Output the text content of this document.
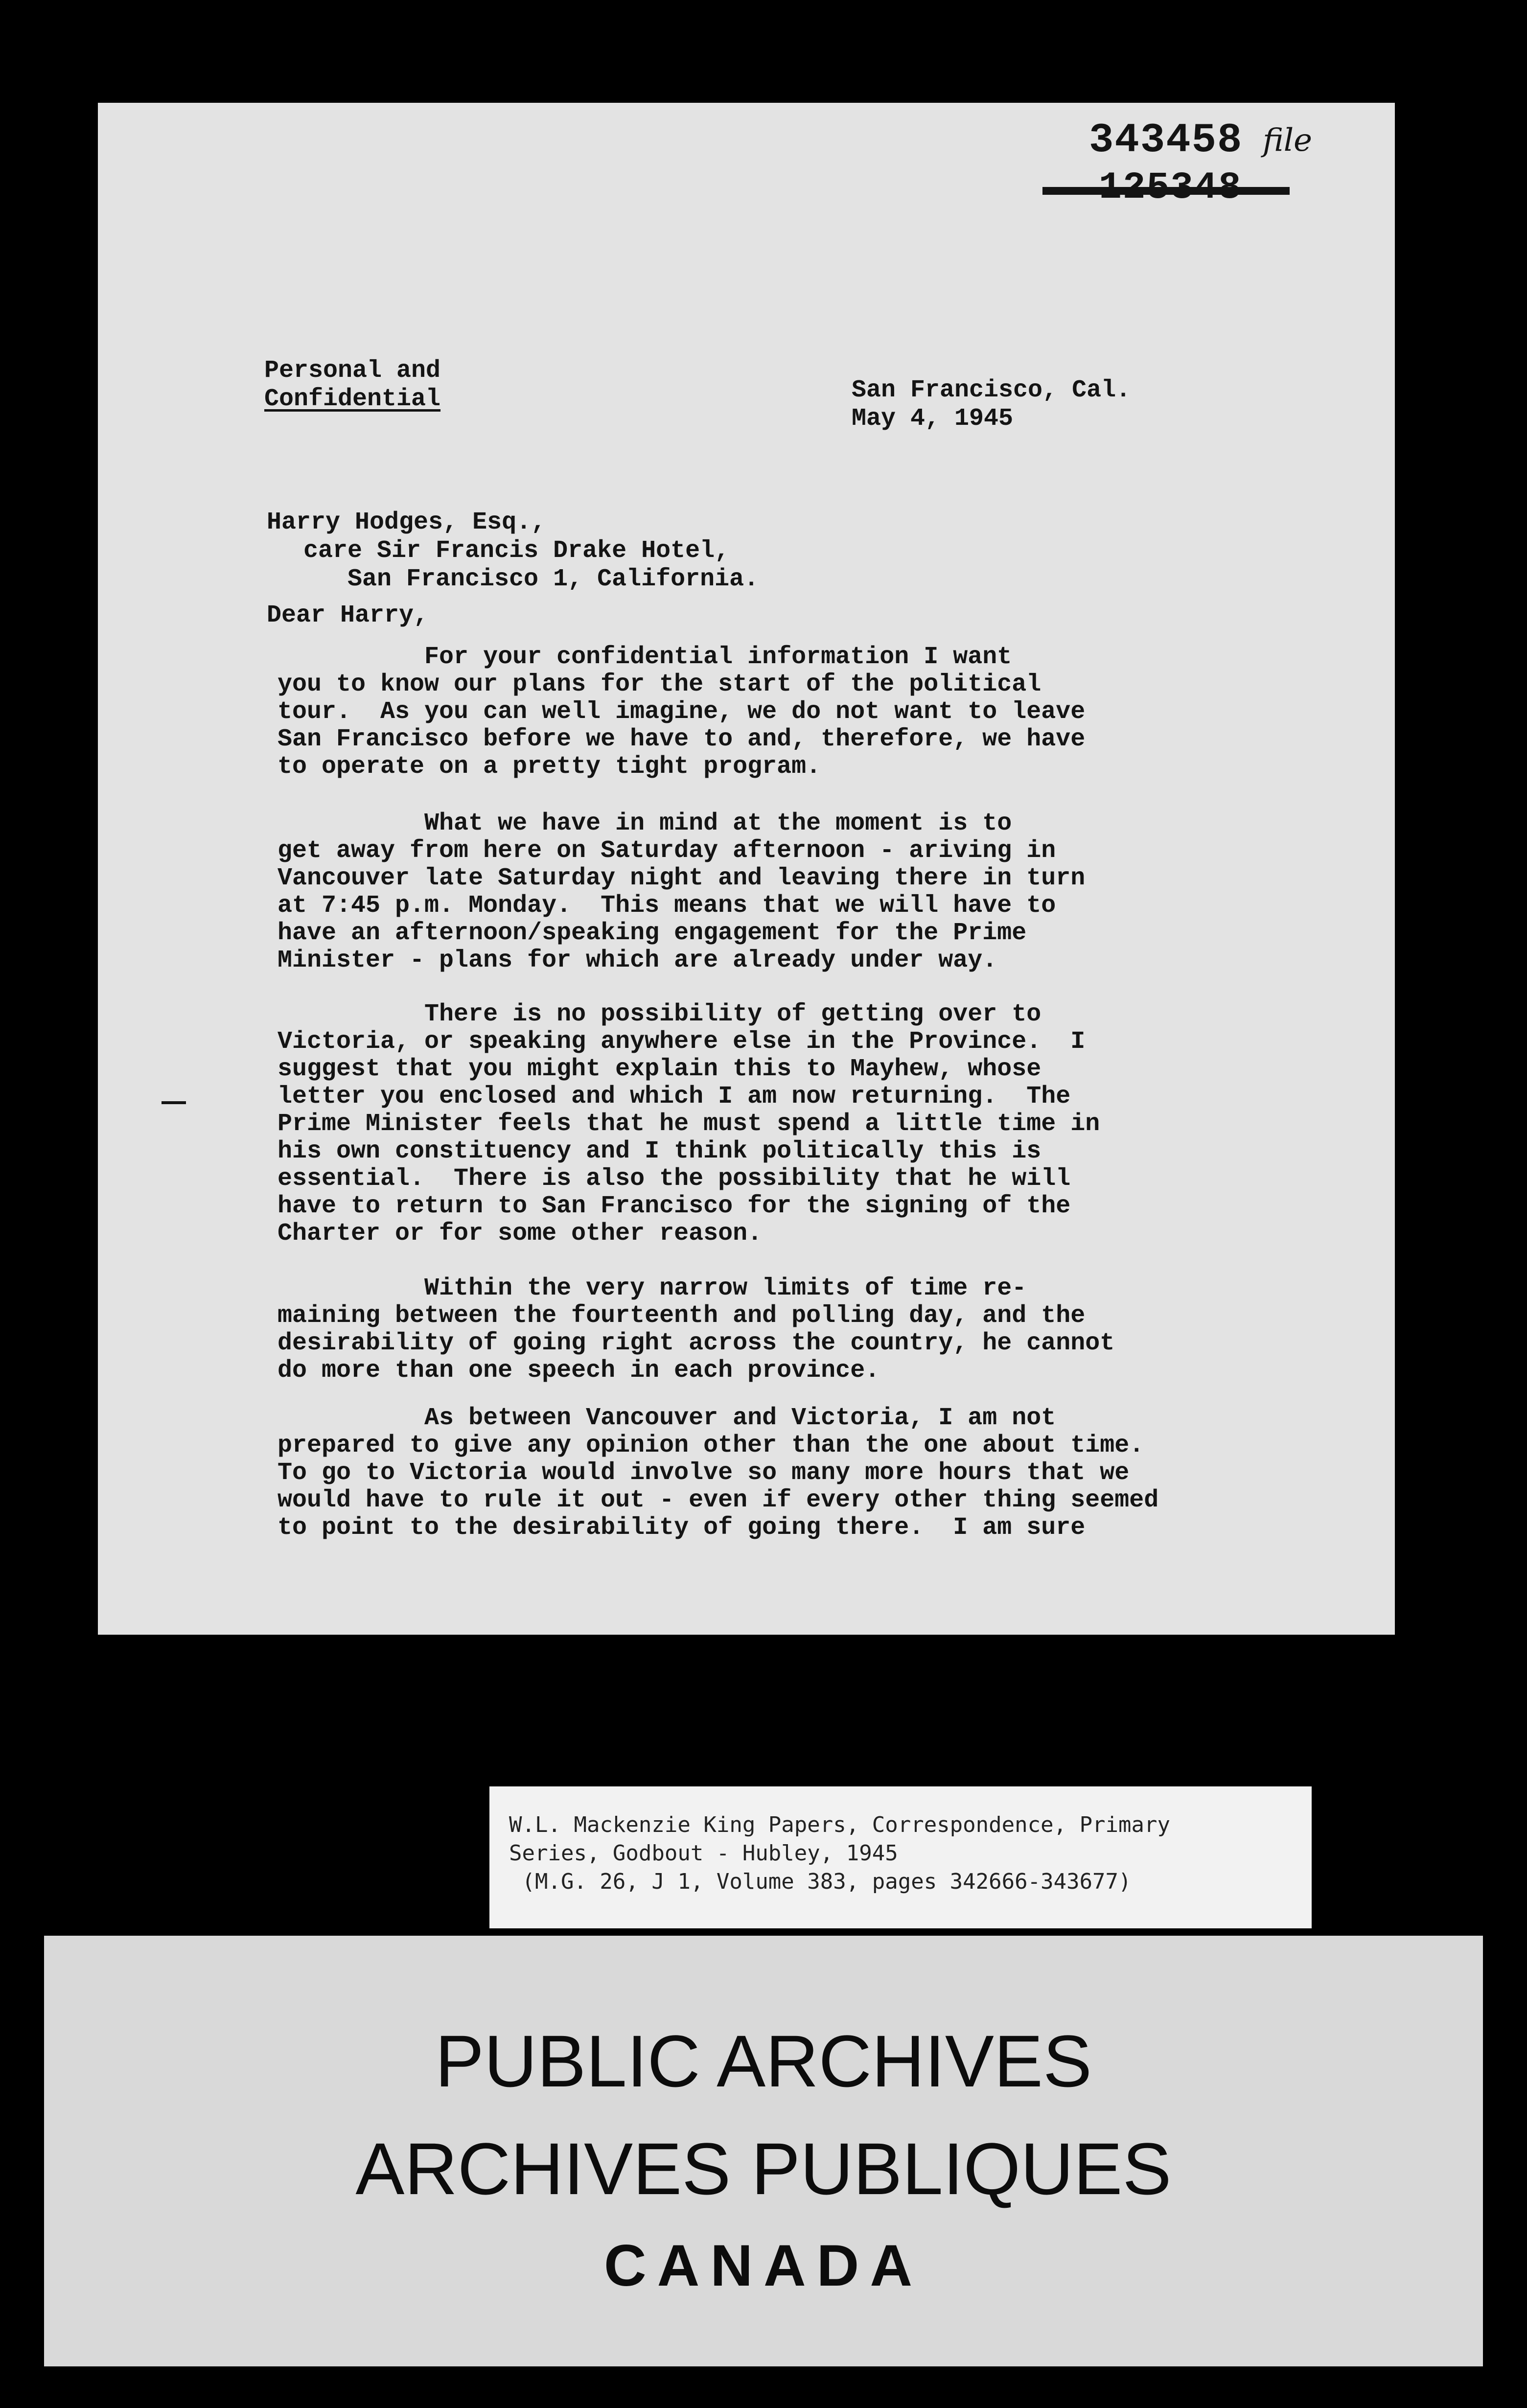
343458 file
Personal and
Confidential	San Francisco, Cal.
May 4, 1945
Harry Hodges, Esq.,
care Sir Francis Drake Hotel,
San Francisco 1, California.
Dear Harry,
For your confidential information I want
you to know our plans for the start of the political
tour.  As you can well imagine, we do not want to leave
San Francisco before we have to and, therefore, we have
to operate on a pretty tight program.
What we have in mind at the moment is to
get away from here on Saturday afternoon - ariving in
Vancouver late Saturday night and leaving there in turn
at 7:45 p.m. Monday.  This means that we will have to
have an afternoon/speaking engagement for the Prime
Minister - plans for which are already under way.
There is no possibility of getting over to
Victoria, or speaking anywhere else in the Province.  I
suggest that you might explain this to Mayhew, whose
letter you enclosed and which I am now returning.  The
Prime Minister feels that he must spend a little time in
his own constituency and I think politically this is
essential.  There is also the possibility that he will
have to return to San Francisco for the signing of the
Charter or for some other reason.
Within the very narrow limits of time re-
maining between the fourteenth and polling day, and the
desirability of going right across the country, he cannot
do more than one speech in each province.
As between Vancouver and Victoria, I am not
prepared to give any opinion other than the one about time.
To go to Victoria would involve so many more hours that we
would have to rule it out - even if every other thing seemed
to point to the desirability of going there.  I am sure
W.L. Mackenzie King Papers, Correspondence, Primary
Series, Godbout - Hubley, 1945
(M.G. 26, J 1, Volume 383, pages 342666-343677)
PUBLIC ARCHIVES
ARCHIVES PUBLIQUES
CANADA
